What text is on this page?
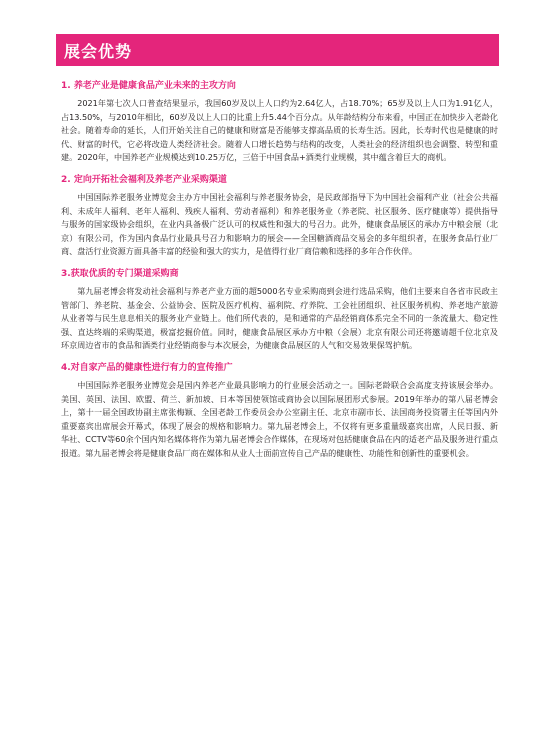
展会优势

1. 养老产业是健康食品产业未来的主攻方向

2021年第七次人口普查结果显示，我国60岁及以上人口约为2.64亿人，占18.70%；65岁及以上人口为1.91亿人，占13.50%，与2010年相比，60岁及以上人口的比重上升5.44个百分点。从年龄结构分布来看，中国正在加快步入老龄化社会。随着寿命的延长，人们开始关注自己的健康和财富是否能够支撑高品质的长寿生活。因此，长寿时代也是健康的时代、财富的时代，它必将改造人类经济社会。随着人口增长趋势与结构的改变，人类社会的经济组织也会调整、转型和重建。2020年，中国养老产业规模达到10.25万亿，三倍于中国食品+酒类行业规模，其中蕴含着巨大的商机。

2. 定向开拓社会福利及养老产业采购渠道

中国国际养老服务业博览会主办方中国社会福利与养老服务协会，是民政部指导下为中国社会福利产业（社会公共福利、未成年人福利、老年人福利、残疾人福利、劳动者福利）和养老服务业（养老院、社区服务、医疗健康等）提供指导与服务的国家级协会组织，在业内具备极广泛认可的权威性和强大的号召力。此外，健康食品展区的承办方中粮会展（北京）有限公司，作为国内食品行业最具号召力和影响力的展会——全国糖酒商品交易会的多年组织者，在服务食品行业厂商、盘活行业资源方面具备丰富的经验和强大的实力，是值得行业厂商信赖和选择的多年合作伙伴。

3.获取优质的专门渠道采购商

第九届老博会将发动社会福利与养老产业方面的超5000名专业采购商到会进行选品采购，他们主要来自各省市民政主管部门、养老院、基金会、公益协会、医院及医疗机构、福利院、疗养院、工会社团组织、社区服务机构、养老地产旅游从业者等与民生息息相关的服务业产业链上。他们所代表的，是和通常的产品经销商体系完全不同的一条流量大、稳定性强、直达终端的采购渠道，极富挖掘价值。同时，健康食品展区承办方中粮（会展）北京有限公司还将邀请超千位北京及环京周边省市的食品和酒类行业经销商参与本次展会，为健康食品展区的人气和交易效果保驾护航。

4.对自家产品的健康性进行有力的宣传推广

中国国际养老服务业博览会是国内养老产业最具影响力的行业展会活动之一。国际老龄联合会高度支持该展会举办。美国、英国、法国、欧盟、荷兰、新加坡、日本等国使领馆或商协会以国际展团形式参展。2019年举办的第八届老博会上，第十一届全国政协副主席张梅颖、全国老龄工作委员会办公室副主任、北京市副市长、法国商务投资署主任等国内外重要嘉宾出席展会开幕式，体现了展会的规格和影响力。第九届老博会上，不仅将有更多重量级嘉宾出席，人民日报、新华社、CCTV等60余个国内知名媒体将作为第九届老博会合作媒体，在现场对包括健康食品在内的适老产品及服务进行重点报道。第九届老博会将是健康食品厂商在媒体和从业人士面前宣传自己产品的健康性、功能性和创新性的重要机会。
